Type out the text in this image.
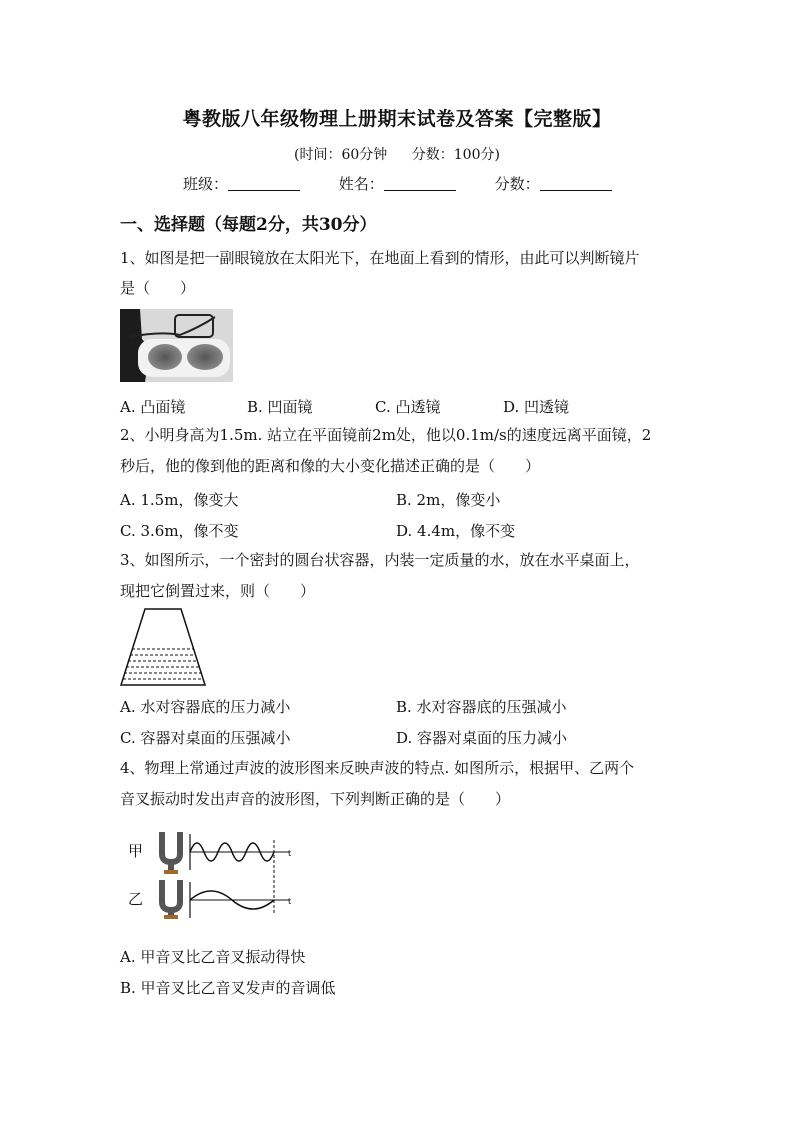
粤教版八年级物理上册期末试卷及答案【完整版】
(时间：60分钟 分数：100分)
班级：	姓名：	分数：
一、选择题（每题2分，共30分）
1、如图是把一副眼镜放在太阳光下，在地面上看到的情形，由此可以判断镜片
是（　　）
A. 凸面镜	B. 凹面镜	C. 凸透镜	D. 凹透镜
2、小明身高为1.5m. 站立在平面镜前2m处，他以0.1m/s的速度远离平面镜，2
秒后，他的像到他的距离和像的大小变化描述正确的是（　　）
A. 1.5m，像变大	B. 2m，像变小
C. 3.6m，像不变	D. 4.4m，像不变
3、如图所示，一个密封的圆台状容器，内装一定质量的水，放在水平桌面上，
现把它倒置过来，则（　　）
A. 水对容器底的压力减小	B. 水对容器底的压强减小
C. 容器对桌面的压强减小	D. 容器对桌面的压力减小
4、物理上常通过声波的波形图来反映声波的特点. 如图所示，根据甲、乙两个
音叉振动时发出声音的波形图，下列判断正确的是（　　）
甲
乙
t
t
A. 甲音叉比乙音叉振动得快
B. 甲音叉比乙音叉发声的音调低
